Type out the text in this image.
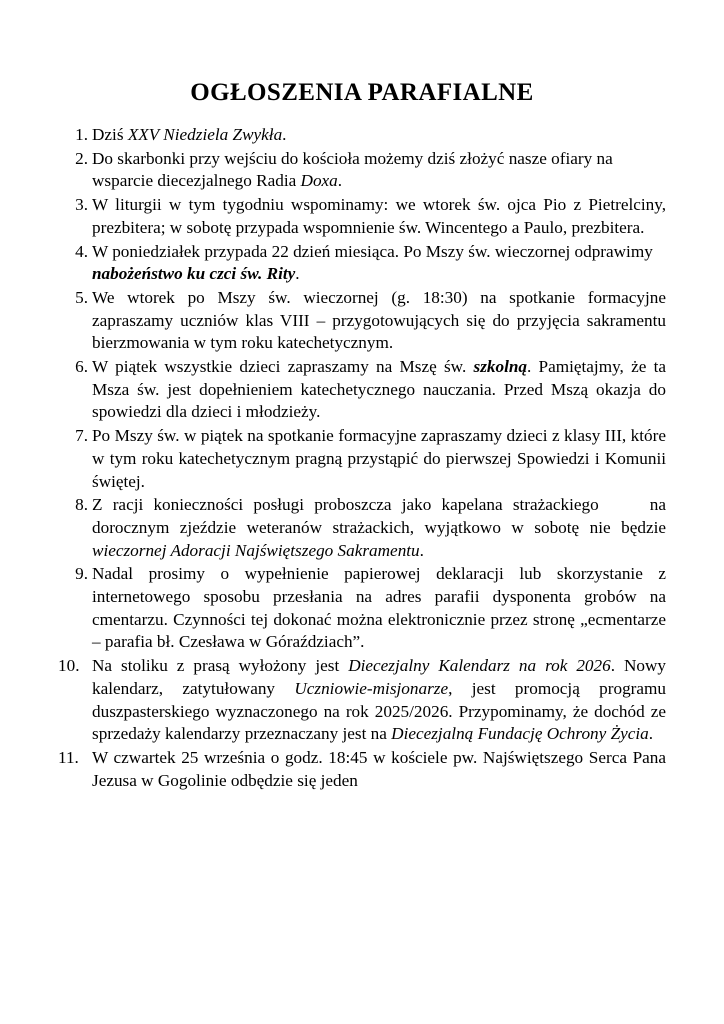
OGŁOSZENIA PARAFIALNE
1. Dziś XXV Niedziela Zwykła.
2. Do skarbonki przy wejściu do kościoła możemy dziś złożyć nasze ofiary na wsparcie diecezjalnego Radia Doxa.
3. W liturgii w tym tygodniu wspominamy: we wtorek św. ojca Pio z Pietrelciny, prezbitera; w sobotę przypada wspomnienie św. Wincentego a Paulo, prezbitera.
4. W poniedziałek przypada 22 dzień miesiąca. Po Mszy św. wieczornej odprawimy nabożeństwo ku czci św. Rity.
5. We wtorek po Mszy św. wieczornej (g. 18:30) na spotkanie formacyjne zapraszamy uczniów klas VIII – przygotowujących się do przyjęcia sakramentu bierzmowania w tym roku katechetycznym.
6. W piątek wszystkie dzieci zapraszamy na Mszę św. szkolną. Pamiętajmy, że ta Msza św. jest dopełnieniem katechetycznego nauczania. Przed Mszą okazja do spowiedzi dla dzieci i młodzieży.
7. Po Mszy św. w piątek na spotkanie formacyjne zapraszamy dzieci z klasy III, które w tym roku katechetycznym pragną przystąpić do pierwszej Spowiedzi i Komunii świętej.
8. Z racji konieczności posługi proboszcza jako kapelana strażackiego     na dorocznym zjeździe weteranów strażackich, wyjątkowo w sobotę nie będzie wieczornej Adoracji Najświętszego Sakramentu.
9. Nadal prosimy o wypełnienie papierowej deklaracji lub skorzystanie z internetowego sposobu przesłania na adres parafii dysponenta grobów na cmentarzu. Czynności tej dokonać można elektronicznie przez stronę „ecmentarze – parafia bł. Czesława w Góraździach”.
10. Na stoliku z prasą wyłożony jest Diecezjalny Kalendarz na rok 2026. Nowy kalendarz, zatytułowany Uczniowie-misjonarze, jest promocją programu duszpasterskiego wyznaczonego na rok 2025/2026. Przypominamy, że dochód ze sprzedaży kalendarzy przeznaczany jest na Diecezjalną Fundację Ochrony Życia.
11. W czwartek 25 września o godz. 18:45 w kościele pw. Najświętszego Serca Pana Jezusa w Gogolinie odbędzie się jeden
